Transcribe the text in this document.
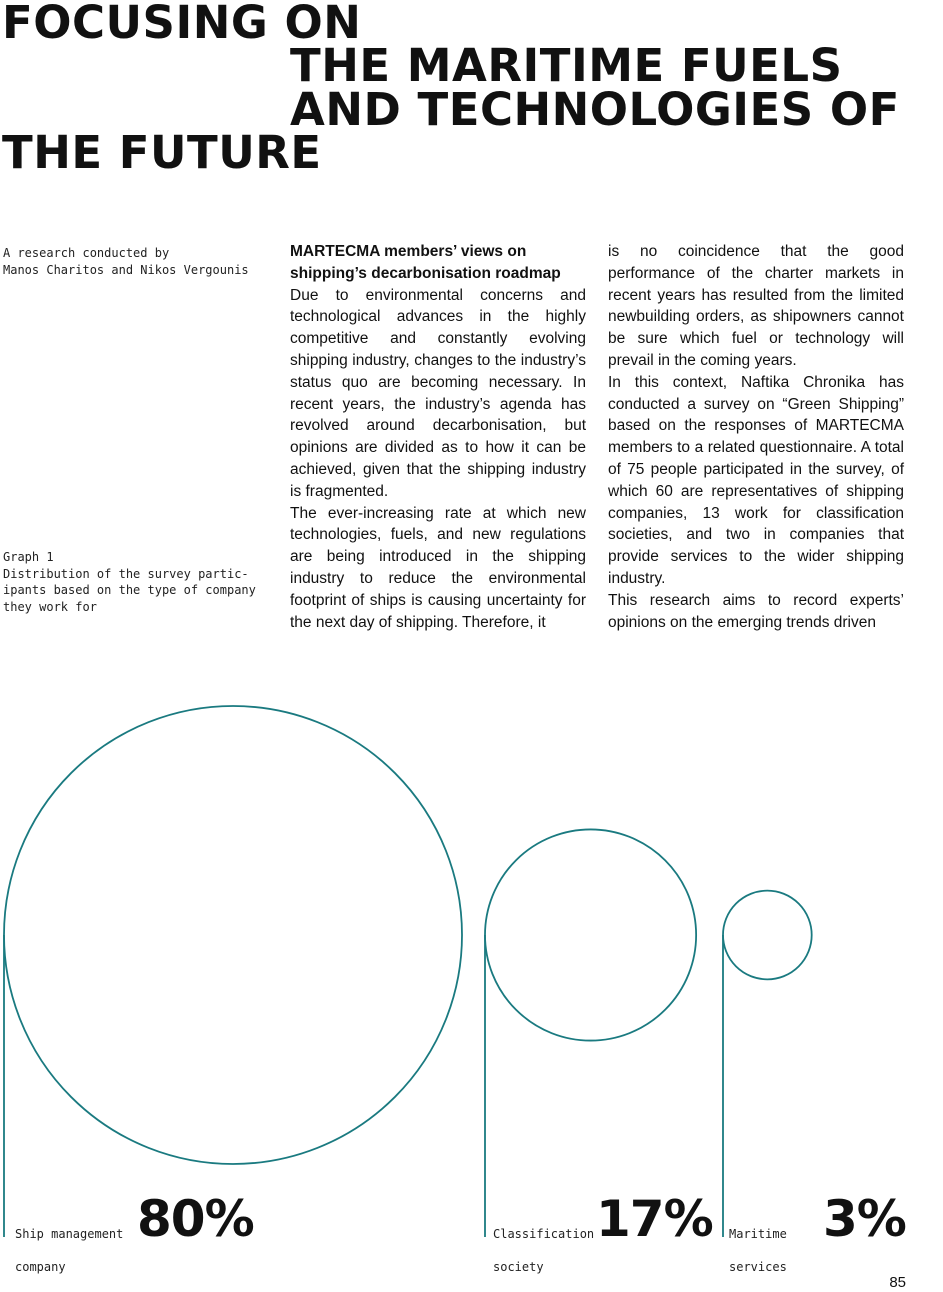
FOCUSING ON
THE MARITIME FUELS
AND TECHNOLOGIES OF
THE FUTURE
A research conducted by
Manos Charitos and Nikos Vergounis
Graph 1
Distribution of the survey partic-
ipants based on the type of company
they work for

MARTECMA members’ views on shipping’s decarbonisation roadmap

Due to environmental concerns and technological advances in the highly competitive and constantly evolving shipping industry, changes to the industry’s status quo are becoming necessary. In recent years, the industry’s agenda has revolved around decarbonisation, but opinions are divided as to how it can be achieved, given that the shipping industry is fragmented.

The ever-increasing rate at which new technologies, fuels, and new regulations are being introduced in the shipping industry to reduce the environmental footprint of ships is causing uncertainty for the next day of shipping. Therefore, it

is no coincidence that the good performance of the charter markets in recent years has resulted from the limited newbuilding orders, as shipowners cannot be sure which fuel or technology will prevail in the coming years.

In this context, Naftika Chronika has conducted a survey on “Green Shipping” based on the responses of MARTECMA members to a related questionnaire. A total of 75 people participated in the survey, of which 60 are representatives of shipping companies, 13 work for classification societies, and two in companies that provide services to the wider shipping industry.

This research aims to record experts’ opinions on the emerging trends driven

Ship management

company

80%	Classification

society

17% Maritime

services

3%
85
